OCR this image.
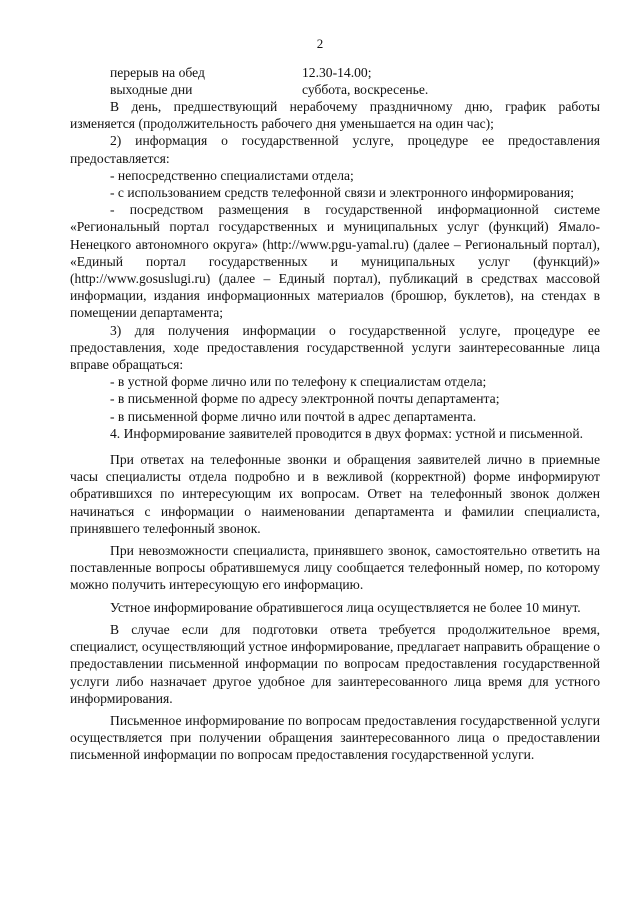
2
перерыв на обед	12.30-14.00;
выходные дни	суббота, воскресенье.

В день, предшествующий нерабочему праздничному дню, график работы изменяется (продолжительность рабочего дня уменьшается на один час);

2) информация о государственной услуге, процедуре ее предоставления предоставляется:

- непосредственно специалистами отдела;

- с использованием средств телефонной связи и электронного информирования;

- посредством размещения в государственной информационной системе «Региональный портал государственных и муниципальных услуг (функций) Ямало-Ненецкого автономного округа» (http://www.pgu-yamal.ru) (далее – Региональный портал), «Единый портал государственных и муниципальных услуг (функций)» (http://www.gosuslugi.ru) (далее – Единый портал), публикаций в средствах массовой информации, издания информационных материалов (брошюр, буклетов), на стендах в помещении департамента;

3) для получения информации о государственной услуге, процедуре ее предоставления, ходе предоставления государственной услуги заинтересованные лица вправе обращаться:

- в устной форме лично или по телефону к специалистам отдела;

- в письменной форме по адресу электронной почты департамента;

- в письменной форме лично или почтой в адрес департамента.

4. Информирование заявителей проводится в двух формах: устной и письменной.

При ответах на телефонные звонки и обращения заявителей лично в приемные часы специалисты отдела подробно и в вежливой (корректной) форме информируют обратившихся по интересующим их вопросам. Ответ на телефонный звонок должен начинаться с информации о наименовании департамента и фамилии специалиста, принявшего телефонный звонок.

При невозможности специалиста, принявшего звонок, самостоятельно ответить на поставленные вопросы обратившемуся лицу сообщается телефонный номер, по которому можно получить интересующую его информацию.

Устное информирование обратившегося лица осуществляется не более 10 минут.

В случае если для подготовки ответа требуется продолжительное время, специалист, осуществляющий устное информирование, предлагает направить обращение о предоставлении письменной информации по вопросам предоставления государственной услуги либо назначает другое удобное для заинтересованного лица время для устного информирования.

Письменное информирование по вопросам предоставления государственной услуги осуществляется при получении обращения заинтересованного лица о предоставлении письменной информации по вопросам предоставления государственной услуги.
